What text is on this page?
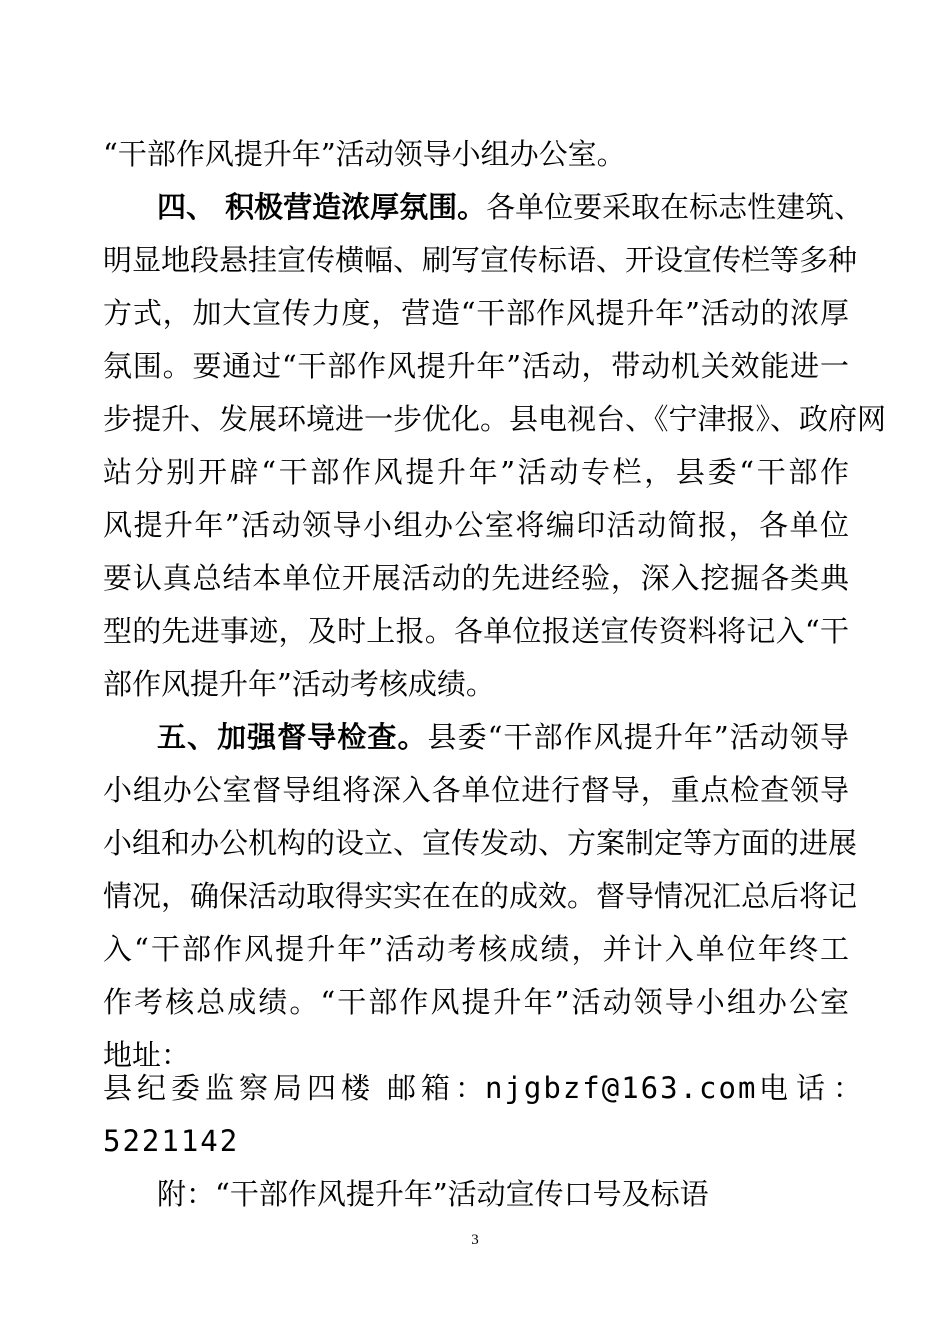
“干部作风提升年”活动领导小组办公室。
四、 积极营造浓厚氛围。各单位要采取在标志性建筑、
明显地段悬挂宣传横幅、刷写宣传标语、开设宣传栏等多种
方式，加大宣传力度，营造“干部作风提升年”活动的浓厚
氛围。要通过“干部作风提升年”活动，带动机关效能进一
步提升、发展环境进一步优化。县电视台、《宁津报》、政府网
站分别开辟“干部作风提升年”活动专栏，县委“干部作
风提升年”活动领导小组办公室将编印活动简报，各单位
要认真总结本单位开展活动的先进经验，深入挖掘各类典
型的先进事迹，及时上报。各单位报送宣传资料将记入“干
部作风提升年”活动考核成绩。
五、加强督导检查。县委“干部作风提升年”活动领导
小组办公室督导组将深入各单位进行督导，重点检查领导
小组和办公机构的设立、宣传发动、方案制定等方面的进展
情况，确保活动取得实实在在的成效。督导情况汇总后将记
入“干部作风提升年”活动考核成绩，并计入单位年终工
作考核总成绩。“干部作风提升年”活动领导小组办公室
地址：
县纪委监察局四楼 邮箱：
njgbzf@163.com 电话：
5221142
附：“干部作风提升年”活动宣传口号及标语
3
